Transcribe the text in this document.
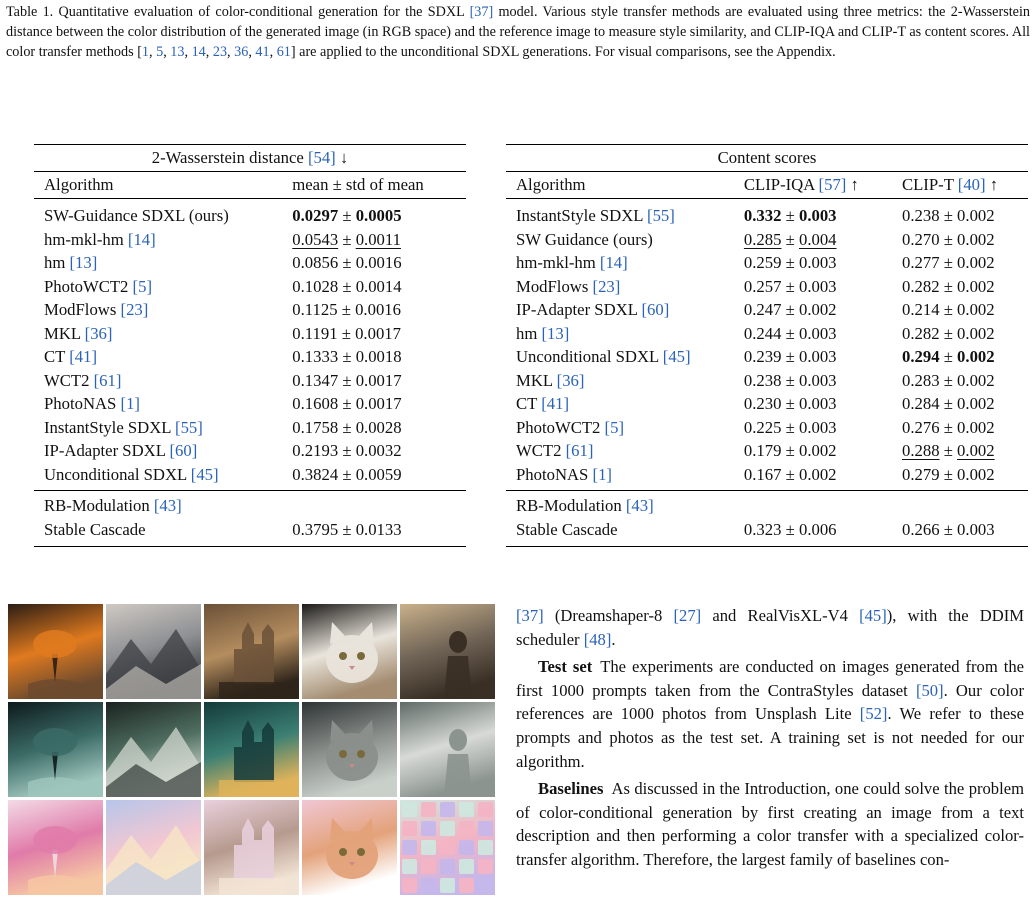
Table 1. Quantitative evaluation of color-conditional generation for the SDXL [37] model. Various style transfer methods are evaluated using three metrics: the 2-Wasserstein distance between the color distribution of the generated image (in RGB space) and the reference image to measure style similarity, and CLIP-IQA and CLIP-T as content scores. All color transfer methods [1, 5, 13, 14, 23, 36, 41, 61] are applied to the unconditional SDXL generations. For visual comparisons, see the Appendix.

2-Wasserstein distance [54] ↓	
Algorithm	mean ± std of mean
SW-Guidance SDXL (ours)	0.0297 ± 0.0005
hm-mkl-hm [14]	0.0543 ± 0.0011
hm [13]	0.0856 ± 0.0016
PhotoWCT2 [5]	0.1028 ± 0.0014
ModFlows [23]	0.1125 ± 0.0016
MKL [36]	0.1191 ± 0.0017
CT [41]	0.1333 ± 0.0018
WCT2 [61]	0.1347 ± 0.0017
PhotoNAS [1]	0.1608 ± 0.0017
InstantStyle SDXL [55]	0.1758 ± 0.0028
IP-Adapter SDXL [60]	0.2193 ± 0.0032
Unconditional SDXL [45]	0.3824 ± 0.0059
RB-Modulation [43]	
Stable Cascade	0.3795 ± 0.0133
Content scores		
Algorithm	CLIP-IQA [57] ↑	CLIP-T [40] ↑
InstantStyle SDXL [55]	0.332 ± 0.003	0.238 ± 0.002
SW Guidance (ours)	0.285 ± 0.004	0.270 ± 0.002
hm-mkl-hm [14]	0.259 ± 0.003	0.277 ± 0.002
ModFlows [23]	0.257 ± 0.003	0.282 ± 0.002
IP-Adapter SDXL [60]	0.247 ± 0.002	0.214 ± 0.002
hm [13]	0.244 ± 0.003	0.282 ± 0.002
Unconditional SDXL [45]	0.239 ± 0.003	0.294 ± 0.002
MKL [36]	0.238 ± 0.003	0.283 ± 0.002
CT [41]	0.230 ± 0.003	0.284 ± 0.002
PhotoWCT2 [5]	0.225 ± 0.003	0.276 ± 0.002
WCT2 [61]	0.179 ± 0.002	0.288 ± 0.002
PhotoNAS [1]	0.167 ± 0.002	0.279 ± 0.002
RB-Modulation [43]		
Stable Cascade	0.323 ± 0.006	0.266 ± 0.003

[37] (Dreamshaper-8 [27] and RealVisXL-V4 [45]), with the DDIM scheduler [48].

Test set The experiments are conducted on images generated from the first 1000 prompts taken from the ContraStyles dataset [50]. Our color references are 1000 photos from Unsplash Lite [52]. We refer to these prompts and photos as the test set. A training set is not needed for our algorithm.

Baselines As discussed in the Introduction, one could solve the problem of color-conditional generation by first creating an image from a text description and then performing a color transfer with a specialized color-transfer algorithm. Therefore, the largest family of baselines con-
